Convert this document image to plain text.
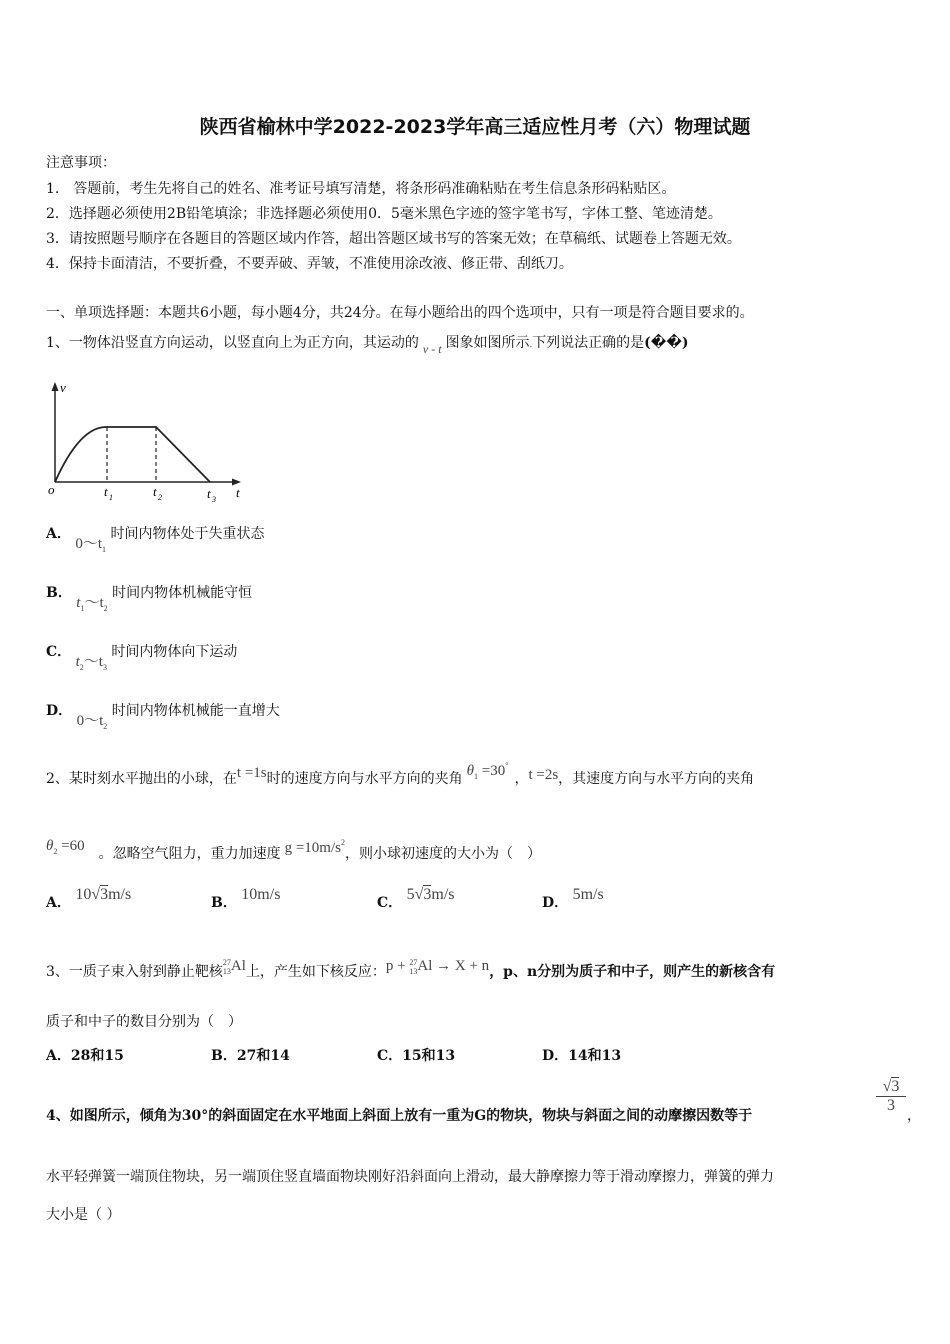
陕西省榆林中学2022-2023学年高三适应性月考（六）物理试题
注意事项：
1.　答题前，考生先将自己的姓名、准考证号填写清楚，将条形码准确粘贴在考生信息条形码粘贴区。
2．选择题必须使用2B铅笔填涂；非选择题必须使用0．5毫米黑色字迹的签字笔书写，字体工整、笔迹清楚。
3．请按照题号顺序在各题目的答题区域内作答，超出答题区域书写的答案无效；在草稿纸、试题卷上答题无效。
4．保持卡面清洁，不要折叠，不要弄破、弄皱，不准使用涂改液、修正带、刮纸刀。
一、单项选择题：本题共6小题，每小题4分，共24分。在每小题给出的四个选项中，只有一项是符合题目要求的。
1、一物体沿竖直方向运动，以竖直向上为正方向，其运动的 v - t 图象如图所示.下列说法正确的是(��)
v
o	t 1	t 2	t 3 t
A． $0\sim t_1$ 时间内物体处于失重状态
B． $t_1\sim t_2$ 时间内物体机械能守恒
C． $t_2\sim t_3$ 时间内物体向下运动
D． $0\sim t_2$ 时间内物体机械能一直增大
2、某时刻水平抛出的小球，在t =1s时的速度方向与水平方向的夹角 $\theta_1 =30^\circ$，t =2s，其速度方向与水平方向的夹角
$\theta_2 =60$ 。忽略空气阻力，重力加速度 $g =10m/s^2$，则小球初速度的大小为（　）
A． 10√3m/s	B． 10m/s	C． 5√3m/s	D． 5m/s
3、一质子束入射到静止靶核27
13Al上，产生如下核反应：p + 27
13Al → X + n，p、n分别为质子和中子，则产生的新核含有
质子和中子的数目分别为（　）
A．28和15	B．27和14	C．15和13	D．14和13
4、如图所示，倾角为30°的斜面固定在水平地面上斜面上放有一重为G的物块，物块与斜面之间的动摩擦因数等于
√3
3
，
水平轻弹簧一端顶住物块，另一端顶住竖直墙面物块刚好沿斜面向上滑动，最大静摩擦力等于滑动摩擦力，弹簧的弹力
大小是（ ）
